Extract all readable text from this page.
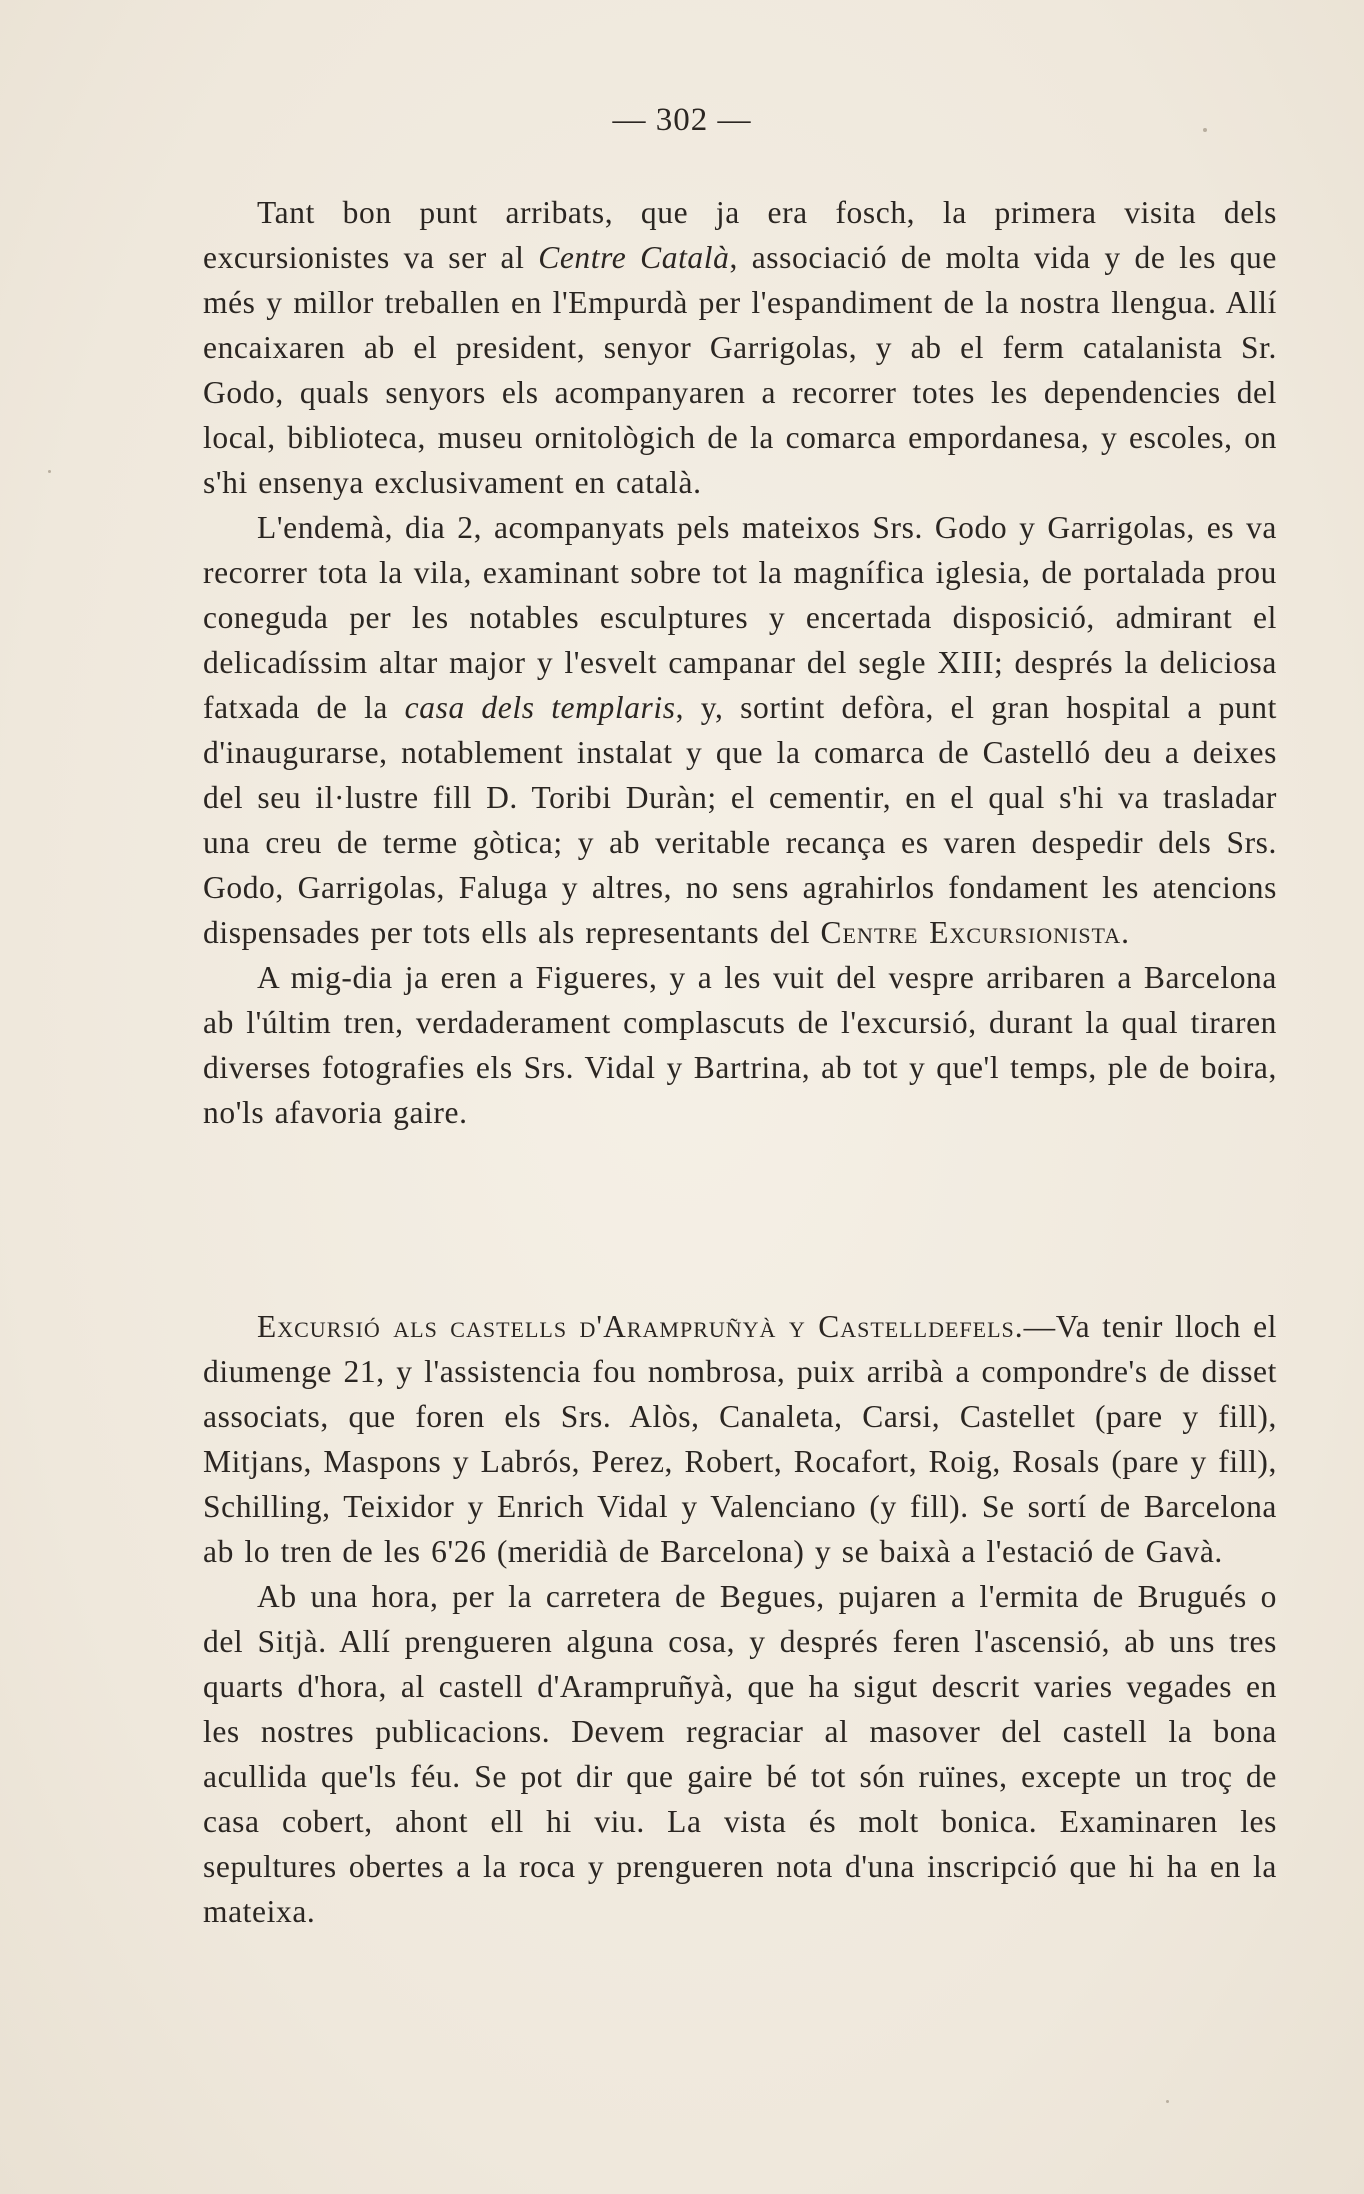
— 302 —

Tant bon punt arribats, que ja era fosch, la primera visita dels excursionistes va ser al Centre Català, associació de molta vida y de les que més y millor treballen en l'Empurdà per l'espandiment de la nostra llengua. Allí encaixaren ab el president, senyor Garrigolas, y ab el ferm catalanista Sr. Godo, quals senyors els acompanyaren a recorrer totes les dependencies del local, biblioteca, museu ornitològich de la comarca empordanesa, y escoles, on s'hi ensenya exclusivament en català.

L'endemà, dia 2, acompanyats pels mateixos Srs. Godo y Garrigolas, es va recorrer tota la vila, examinant sobre tot la magnífica iglesia, de portalada prou coneguda per les notables esculptures y encertada disposició, admirant el delicadíssim altar major y l'esvelt campanar del segle XIII; després la deliciosa fatxada de la casa dels templaris, y, sortint defòra, el gran hospital a punt d'inaugurarse, notablement instalat y que la comarca de Castelló deu a deixes del seu il·lustre fill D. Toribi Duràn; el cementir, en el qual s'hi va trasladar una creu de terme gòtica; y ab veritable recança es varen despedir dels Srs. Godo, Garrigolas, Faluga y altres, no sens agrahirlos fondament les atencions dispensades per tots ells als representants del Centre Excursionista.

A mig-dia ja eren a Figueres, y a les vuit del vespre arribaren a Barcelona ab l'últim tren, verdaderament complascuts de l'excursió, durant la qual tiraren diverses fotografies els Srs. Vidal y Bartrina, ab tot y que'l temps, ple de boira, no'ls afavoria gaire.

Excursió als castells d'Arampruñyà y Castelldefels.—Va tenir lloch el diumenge 21, y l'assistencia fou nombrosa, puix arribà a compondre's de disset associats, que foren els Srs. Alòs, Canaleta, Carsi, Castellet (pare y fill), Mitjans, Maspons y Labrós, Perez, Robert, Rocafort, Roig, Rosals (pare y fill), Schilling, Teixidor y Enrich Vidal y Valenciano (y fill). Se sortí de Barcelona ab lo tren de les 6'26 (meridià de Barcelona) y se baixà a l'estació de Gavà.

Ab una hora, per la carretera de Begues, pujaren a l'ermita de Brugués o del Sitjà. Allí prengueren alguna cosa, y després feren l'ascensió, ab uns tres quarts d'hora, al castell d'Arampruñyà, que ha sigut descrit varies vegades en les nostres publicacions. Devem regraciar al masover del castell la bona acullida que'ls féu. Se pot dir que gaire bé tot són ruïnes, excepte un troç de casa cobert, ahont ell hi viu. La vista és molt bonica. Examinaren les sepultures obertes a la roca y prengueren nota d'una inscripció que hi ha en la mateixa.
